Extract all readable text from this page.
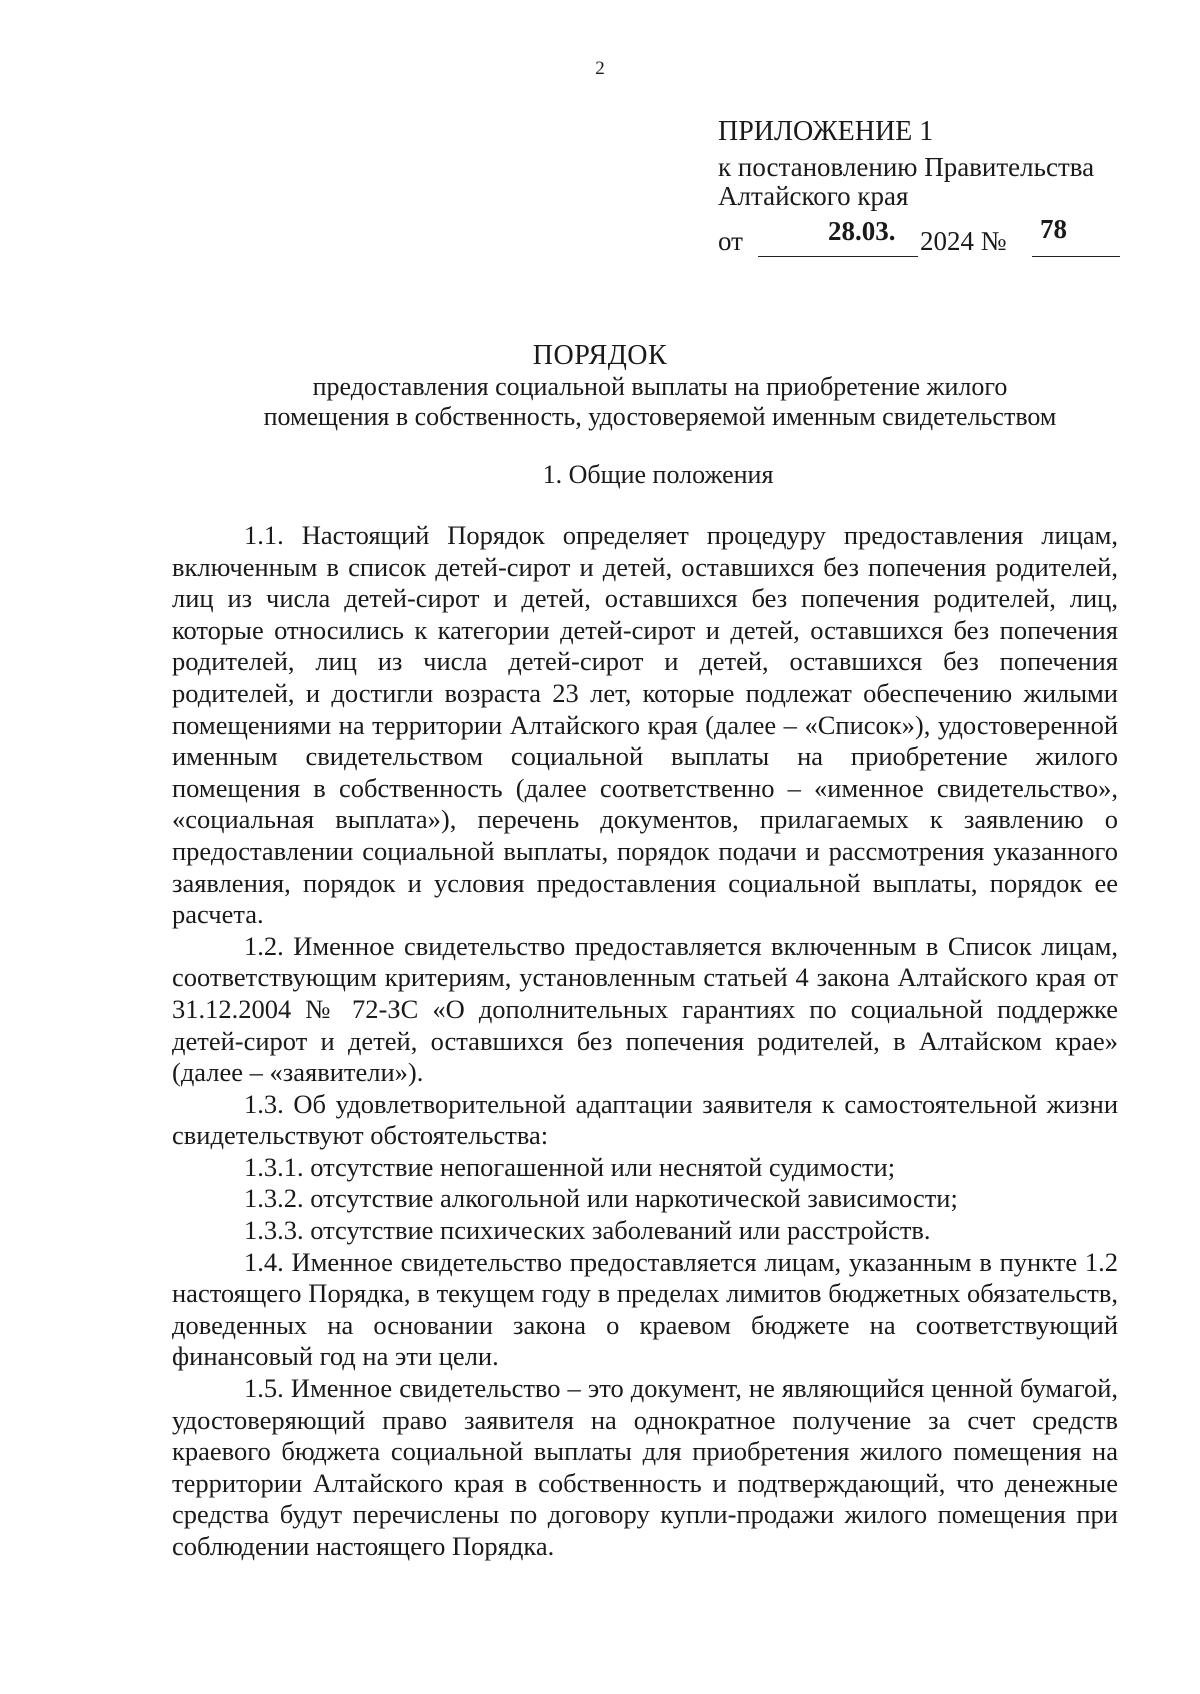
2
ПРИЛОЖЕНИЕ 1
к постановлению Правительства
Алтайского края
от	28.03. 2024 № 78
ПОРЯДОК
предоставления социальной выплаты на приобретение жилого
помещения в собственность, удостоверяемой именным свидетельством
1. Общие положения

1.1. Настоящий Порядок определяет процедуру предоставления лицам, включенным в список детей-сирот и детей, оставшихся без попечения родителей, лиц из числа детей-сирот и детей, оставшихся без попечения родителей, лиц, которые относились к категории детей-сирот и детей, оставшихся без попечения родителей, лиц из числа детей-сирот и детей, оставшихся без попечения родителей, и достигли возраста 23 лет, которые подлежат обеспечению жилыми помещениями на территории Алтайского края (далее – «Список»), удостоверенной именным свидетельством социальной выплаты на приобретение жилого помещения в собственность (далее соответственно – «именное свидетельство», «социальная выплата»), перечень документов, прилагаемых к заявлению о предоставлении социальной выплаты, порядок подачи и рассмотрения указанного заявления, порядок и условия предоставления социальной выплаты, порядок ее расчета.

1.2. Именное свидетельство предоставляется включенным в Список лицам, соответствующим критериям, установленным статьей 4 закона Алтайского края от 31.12.2004 № 72-ЗС «О дополнительных гарантиях по социальной поддержке детей-сирот и детей, оставшихся без попечения родителей, в Алтайском крае» (далее – «заявители»).

1.3. Об удовлетворительной адаптации заявителя к самостоятельной жизни свидетельствуют обстоятельства:

1.3.1. отсутствие непогашенной или неснятой судимости;

1.3.2. отсутствие алкогольной или наркотической зависимости;

1.3.3. отсутствие психических заболеваний или расстройств.

1.4. Именное свидетельство предоставляется лицам, указанным в пункте 1.2 настоящего Порядка, в текущем году в пределах лимитов бюджетных обязательств, доведенных на основании закона о краевом бюджете на соответствующий финансовый год на эти цели.

1.5. Именное свидетельство – это документ, не являющийся ценной бумагой, удостоверяющий право заявителя на однократное получение за счет средств краевого бюджета социальной выплаты для приобретения жилого помещения на территории Алтайского края в собственность и подтверждающий, что денежные средства будут перечислены по договору купли-продажи жилого помещения при соблюдении настоящего Порядка.
